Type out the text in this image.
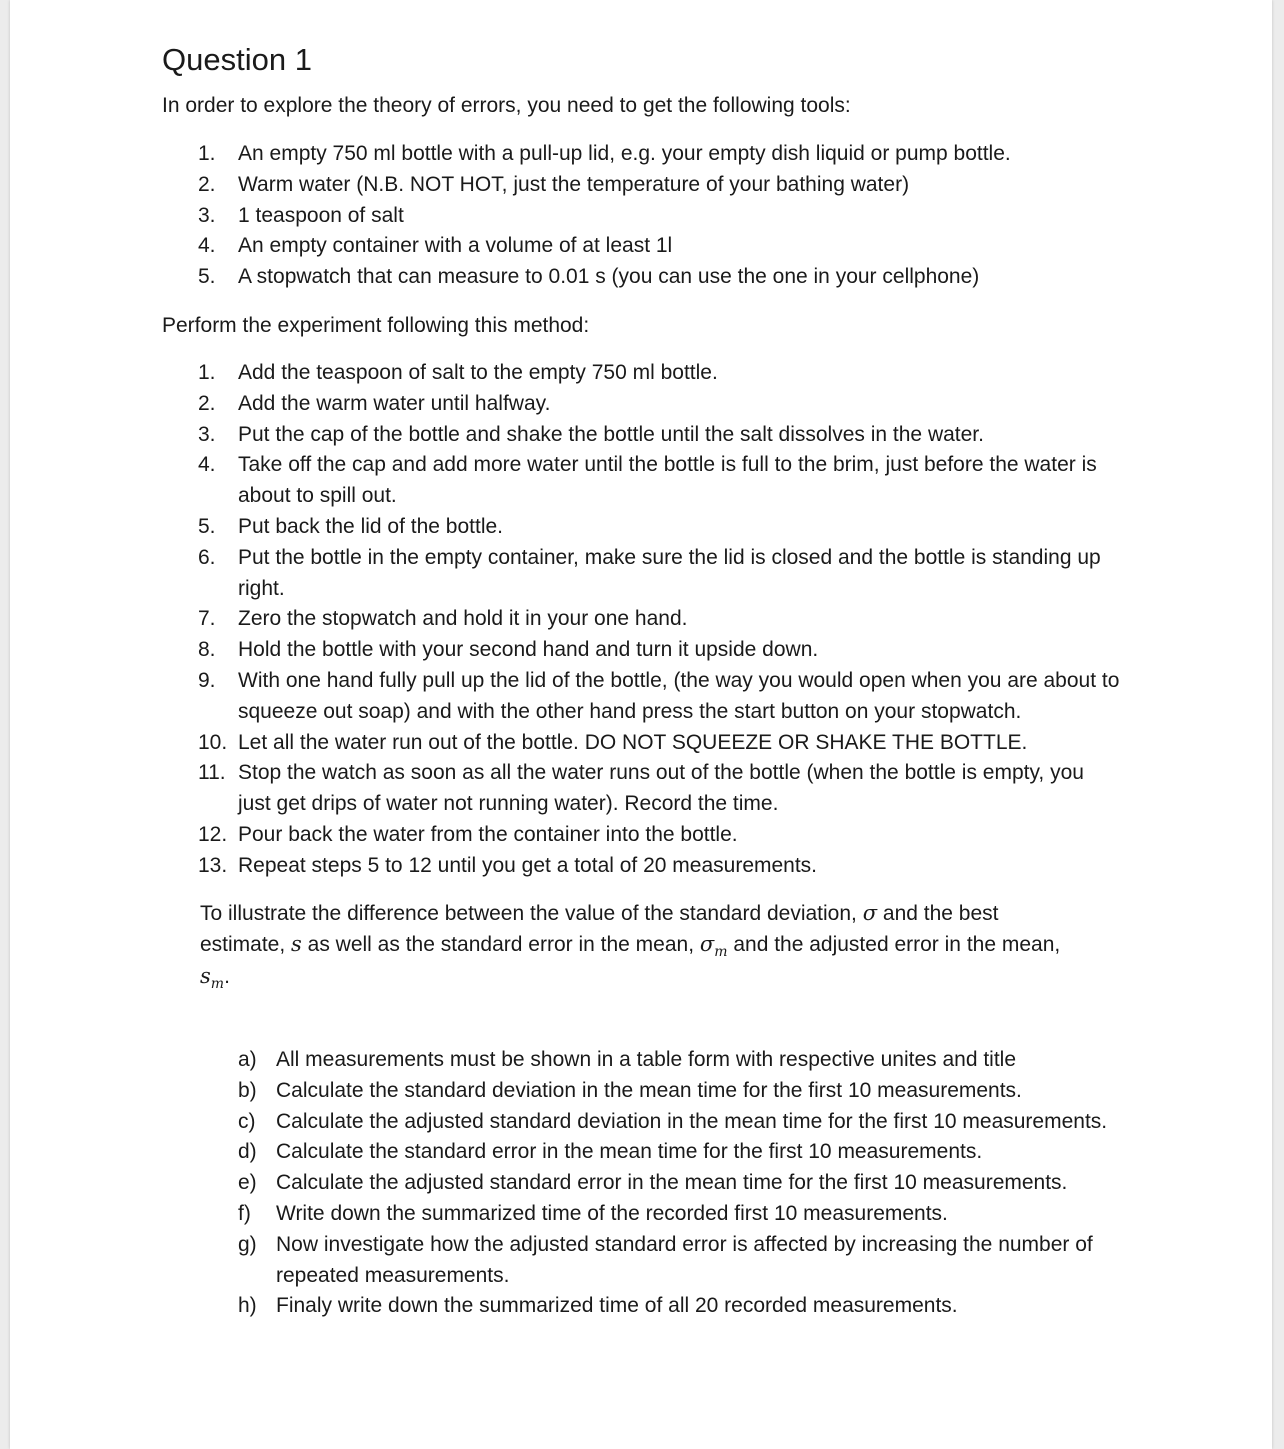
Question 1

In order to explore the theory of errors, you need to get the following tools:

1. An empty 750 ml bottle with a pull-up lid, e.g. your empty dish liquid or pump bottle.
2. Warm water (N.B. NOT HOT, just the temperature of your bathing water)
3. 1 teaspoon of salt
4. An empty container with a volume of at least 1l
5. A stopwatch that can measure to 0.01 s (you can use the one in your cellphone)

Perform the experiment following this method:

1. Add the teaspoon of salt to the empty 750 ml bottle.
2. Add the warm water until halfway.
3. Put the cap of the bottle and shake the bottle until the salt dissolves in the water.
4. Take off the cap and add more water until the bottle is full to the brim, just before the water is about to spill out.
5. Put back the lid of the bottle.
6. Put the bottle in the empty container, make sure the lid is closed and the bottle is standing up right.
7. Zero the stopwatch and hold it in your one hand.
8. Hold the bottle with your second hand and turn it upside down.
9. With one hand fully pull up the lid of the bottle, (the way you would open when you are about to squeeze out soap) and with the other hand press the start button on your stopwatch.
10. Let all the water run out of the bottle. DO NOT SQUEEZE OR SHAKE THE BOTTLE.
11. Stop the watch as soon as all the water runs out of the bottle (when the bottle is empty, you just get drips of water not running water). Record the time.
12. Pour back the water from the container into the bottle.
13. Repeat steps 5 to 12 until you get a total of 20 measurements.

To illustrate the difference between the value of the standard deviation, σ and the best estimate, s as well as the standard error in the mean, $\sigma_m$ and the adjusted error in the mean, $s_m$.

a) All measurements must be shown in a table form with respective unites and title
b) Calculate the standard deviation in the mean time for the first 10 measurements.
c) Calculate the adjusted standard deviation in the mean time for the first 10 measurements.
d) Calculate the standard error in the mean time for the first 10 measurements.
e) Calculate the adjusted standard error in the mean time for the first 10 measurements.
f) Write down the summarized time of the recorded first 10 measurements.
g) Now investigate how the adjusted standard error is affected by increasing the number of repeated measurements.
h) Finaly write down the summarized time of all 20 recorded measurements.
